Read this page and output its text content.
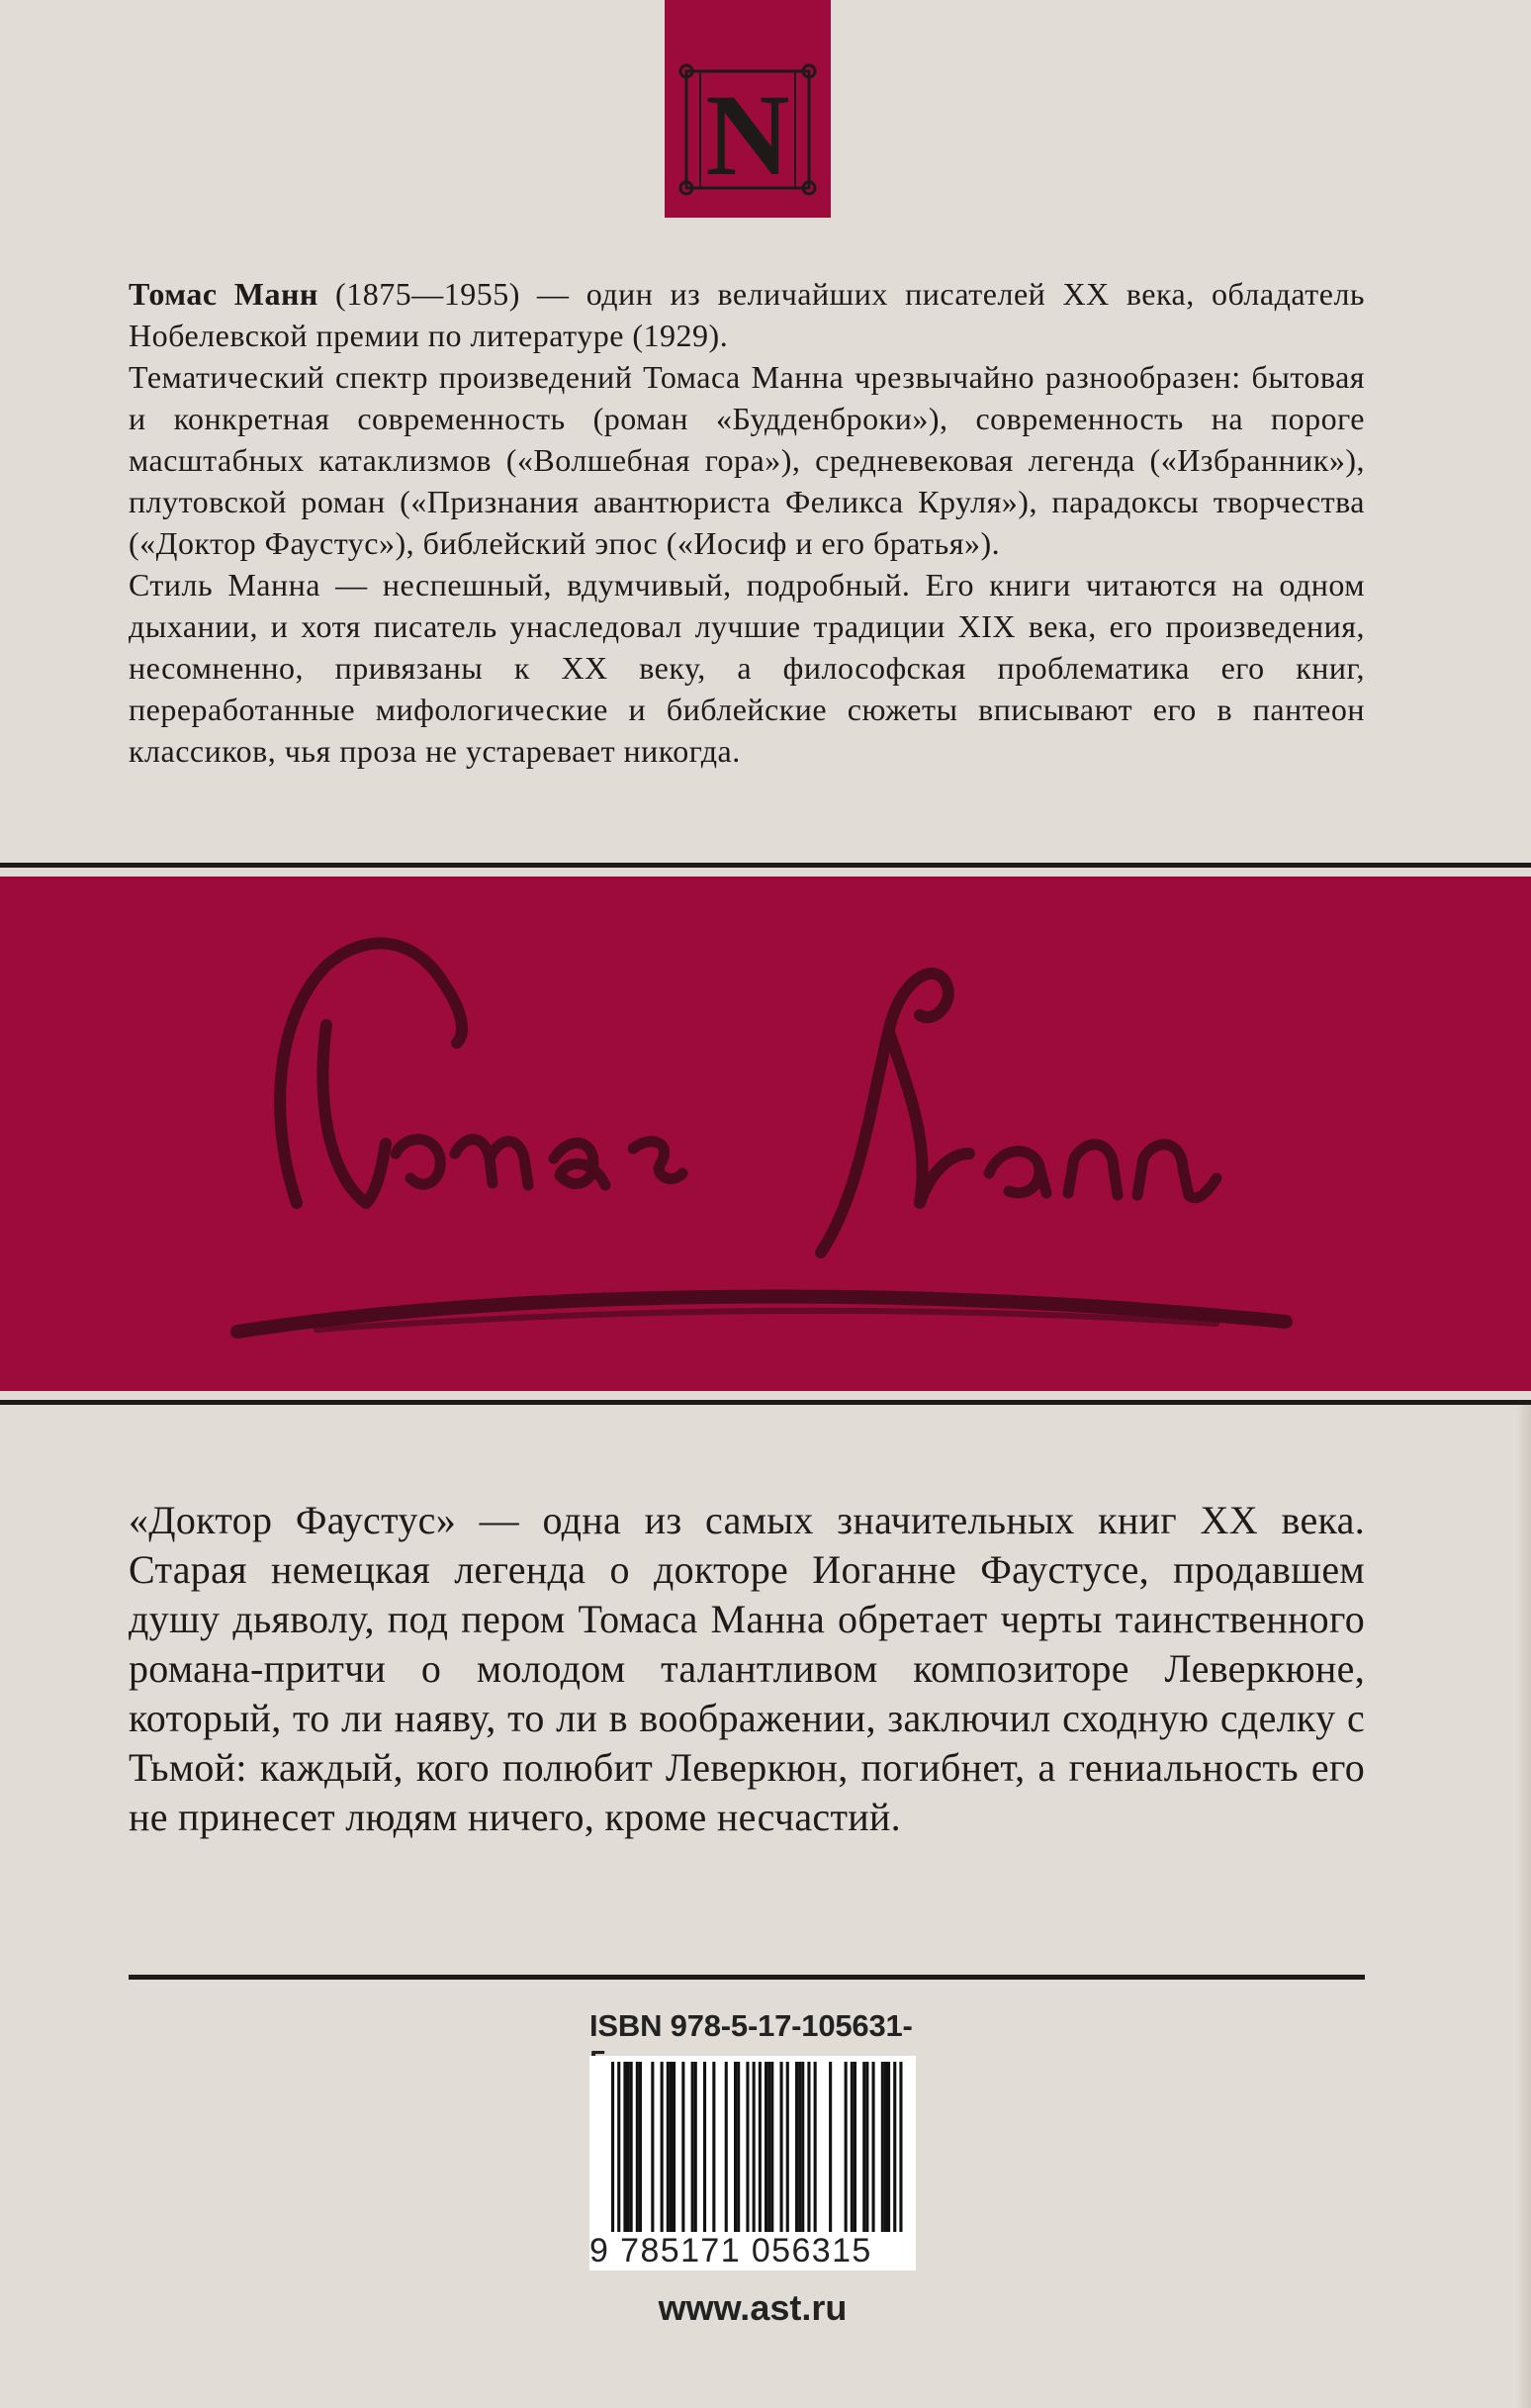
N

Томас Манн (1875—1955) — один из величайших писателей XX века, обладатель Нобелевской премии по литературе (1929).

Тематический спектр произведений Томаса Манна чрезвычайно разнообразен: бытовая и конкретная современность (роман «Будденброки»), современность на пороге масштабных катаклизмов («Волшебная гора»), средневековая легенда («Избранник»), плутовской роман («Признания авантюриста Феликса Круля»), парадоксы творчества («Доктор Фаустус»), библейский эпос («Иосиф и его братья»).

Стиль Манна — неспешный, вдумчивый, подробный. Его книги читаются на одном дыхании, и хотя писатель унаследовал лучшие традиции XIX века, его произведения, несомненно, привязаны к XX веку, а философская проблематика его книг, переработанные мифологические и библейские сюжеты вписывают его в пантеон классиков, чья проза не устаревает никогда.

«Доктор Фаустус» — одна из самых значительных книг XX века. Старая немецкая легенда о докторе Иоганне Фаустусе, продавшем душу дьяволу, под пером Томаса Манна обретает черты таинственного романа-притчи о молодом талантливом композиторе Леверкюне, который, то ли наяву, то ли в воображении, заключил сходную сделку с Тьмой: каждый, кого полюбит Леверкюн, погибнет, а гениальность его не принесет людям ничего, кроме несчастий.

ISBN 978-5-17-105631-
9 785171 056315
www.ast.ru
